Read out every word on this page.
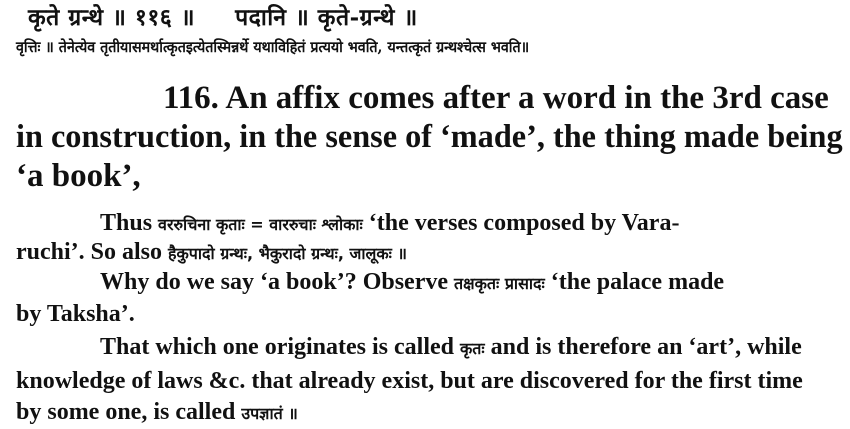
कृते ग्रन्थे ॥ ११६ ॥ पदानि ॥ कृते-ग्रन्थे ॥
वृत्तिः ॥ तेनेत्येव तृतीयासमर्थात्कृतइत्येतस्मिन्नर्थे यथाविहितं प्रत्ययो भवति, यन्तत्कृतं ग्रन्थश्चेत्स भवति॥
116. An affix comes after a word in the 3rd case
in construction, in the sense of ‘made’, the thing made being
‘a book’,
Thus वररुचिना कृताः = वाररुचाः श्लोकाः ‘the verses composed by Vara-
ruchi’. So also हैकुपादो ग्रन्थः, भैकुरादो ग्रन्थः, जालूकः ॥
Why do we say ‘a book’? Observe तक्षकृतः प्रासादः ‘the palace made
by Taksha’.
That which one originates is called कृतः and is therefore an ‘art’, while
knowledge of laws &c. that already exist, but are discovered for the first time
by some one, is called उपज्ञातं ॥
